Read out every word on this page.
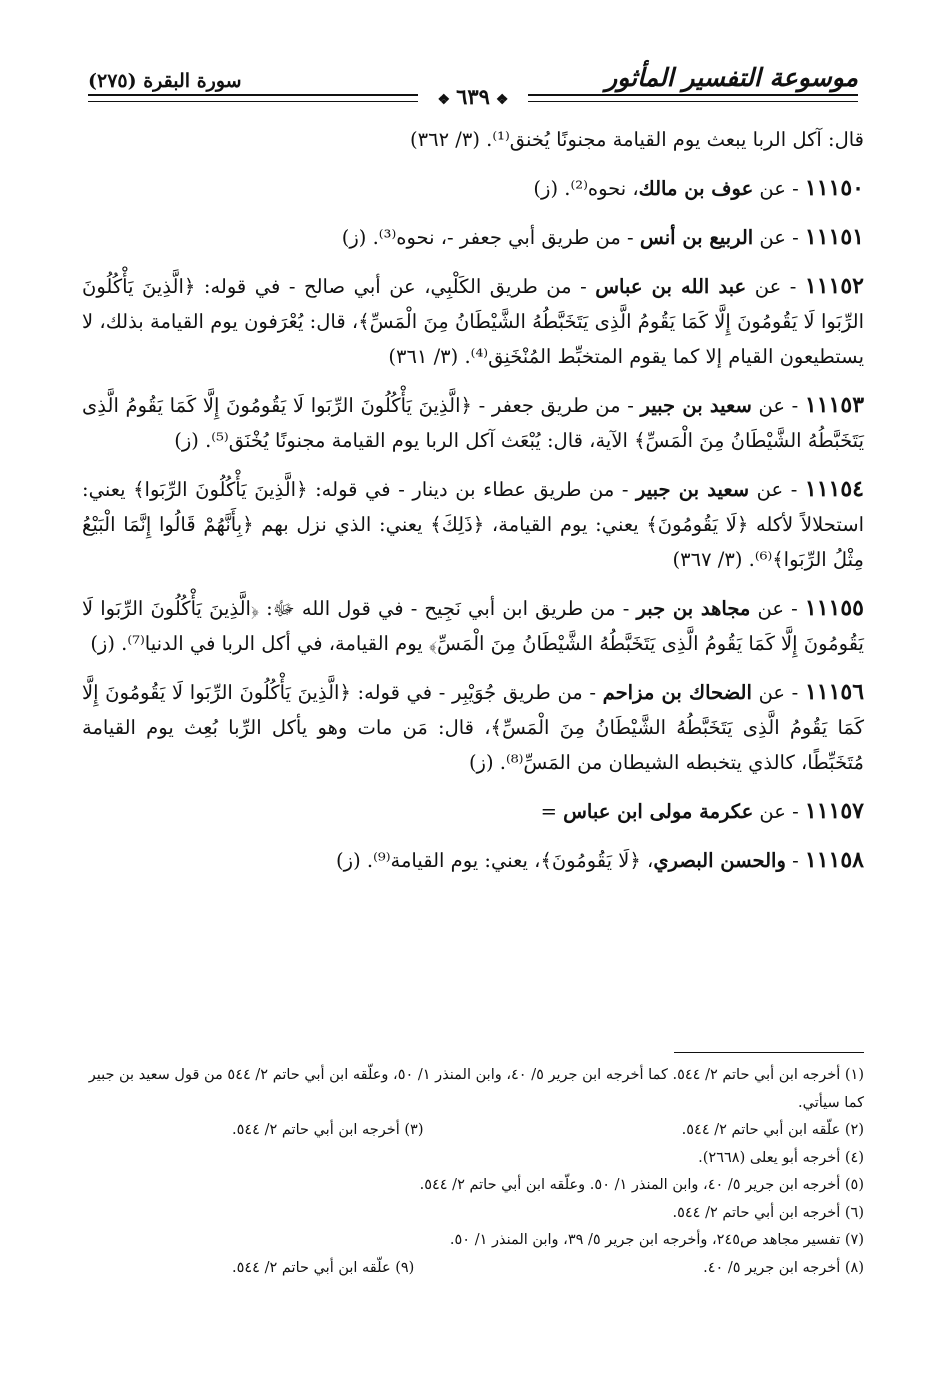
موسوعة التفسير المأثور
سورة البقرة (٢٧٥)
❖٦٣٩❖

قال: آكل الربا يبعث يوم القيامة مجنونًا يُخنق⁽¹⁾. (٣/ ٣٦٢)

١١١٥٠ - عن عوف بن مالك، نحوه⁽²⁾. (ز)

١١١٥١ - عن الربيع بن أنس - من طريق أبي جعفر -، نحوه⁽³⁾. (ز)

١١١٥٢ - عن عبد الله بن عباس - من طريق الكَلْبِي، عن أبي صالح - في قوله: ﴿الَّذِينَ يَأْكُلُونَ الرِّبَوا لَا يَقُومُونَ إِلَّا كَمَا يَقُومُ الَّذِى يَتَخَبَّطُهُ الشَّيْطَانُ مِنَ الْمَسِّ﴾، قال: يُعْرَفون يوم القيامة بذلك، لا يستطيعون القيام إلا كما يقوم المتخبِّط المُنْخَنِق⁽⁴⁾. (٣/ ٣٦١)

١١١٥٣ - عن سعيد بن جبير - من طريق جعفر - ﴿الَّذِينَ يَأْكُلُونَ الرِّبَوا لَا يَقُومُونَ إِلَّا كَمَا يَقُومُ الَّذِى يَتَخَبَّطُهُ الشَّيْطَانُ مِنَ الْمَسِّ﴾ الآية، قال: يُبْعَث آكل الربا يوم القيامة مجنونًا يُخْنَق⁽⁵⁾. (ز)

١١١٥٤ - عن سعيد بن جبير - من طريق عطاء بن دينار - في قوله: ﴿الَّذِينَ يَأْكُلُونَ الرِّبَوا﴾ يعني: استحلالاً لأكله ﴿لَا يَقُومُونَ﴾ يعني: يوم القيامة، ﴿ذَلِكَ﴾ يعني: الذي نزل بهم ﴿بِأَنَّهُمْ قَالُوا إِنَّمَا الْبَيْعُ مِثْلُ الرِّبَوا﴾⁽⁶⁾. (٣/ ٣٦٧)

١١١٥٥ - عن مجاهد بن جبر - من طريق ابن أبي نَجِيح - في قول الله ﷻ: ﴿الَّذِينَ يَأْكُلُونَ الرِّبَوا لَا يَقُومُونَ إِلَّا كَمَا يَقُومُ الَّذِى يَتَخَبَّطُهُ الشَّيْطَانُ مِنَ الْمَسِّ﴾ يوم القيامة، في أكل الربا في الدنيا⁽⁷⁾. (ز)

١١١٥٦ - عن الضحاك بن مزاحم - من طريق جُوَيْبِر - في قوله: ﴿الَّذِينَ يَأْكُلُونَ الرِّبَوا لَا يَقُومُونَ إِلَّا كَمَا يَقُومُ الَّذِى يَتَخَبَّطُهُ الشَّيْطَانُ مِنَ الْمَسِّ﴾، قال: مَن مات وهو يأكل الرِّبا بُعِث يوم القيامة مُتَخَبِّطًا، كالذي يتخبطه الشيطان من المَسِّ⁽⁸⁾. (ز)

١١١٥٧ - عن عكرمة مولى ابن عباس =

١١١٥٨ - والحسن البصري، ﴿لَا يَقُومُونَ﴾، يعني: يوم القيامة⁽⁹⁾. (ز)

(١) أخرجه ابن أبي حاتم ٢/ ٥٤٤. كما أخرجه ابن جرير ٥/ ٤٠، وابن المنذر ١/ ٥٠، وعلّقه ابن أبي حاتم ٢/ ٥٤٤ من قول سعيد بن جبير كما سيأتي.

(٢) علّقه ابن أبي حاتم ٢/ ٥٤٤.
(٣) أخرجه ابن أبي حاتم ٢/ ٥٤٤.

(٤) أخرجه أبو يعلى (٢٦٦٨).

(٥) أخرجه ابن جرير ٥/ ٤٠، وابن المنذر ١/ ٥٠. وعلّقه ابن أبي حاتم ٢/ ٥٤٤.

(٦) أخرجه ابن أبي حاتم ٢/ ٥٤٤.

(٧) تفسير مجاهد ص٢٤٥، وأخرجه ابن جرير ٥/ ٣٩، وابن المنذر ١/ ٥٠.

(٨) أخرجه ابن جرير ٥/ ٤٠.
(٩) علّقه ابن أبي حاتم ٢/ ٥٤٤.
